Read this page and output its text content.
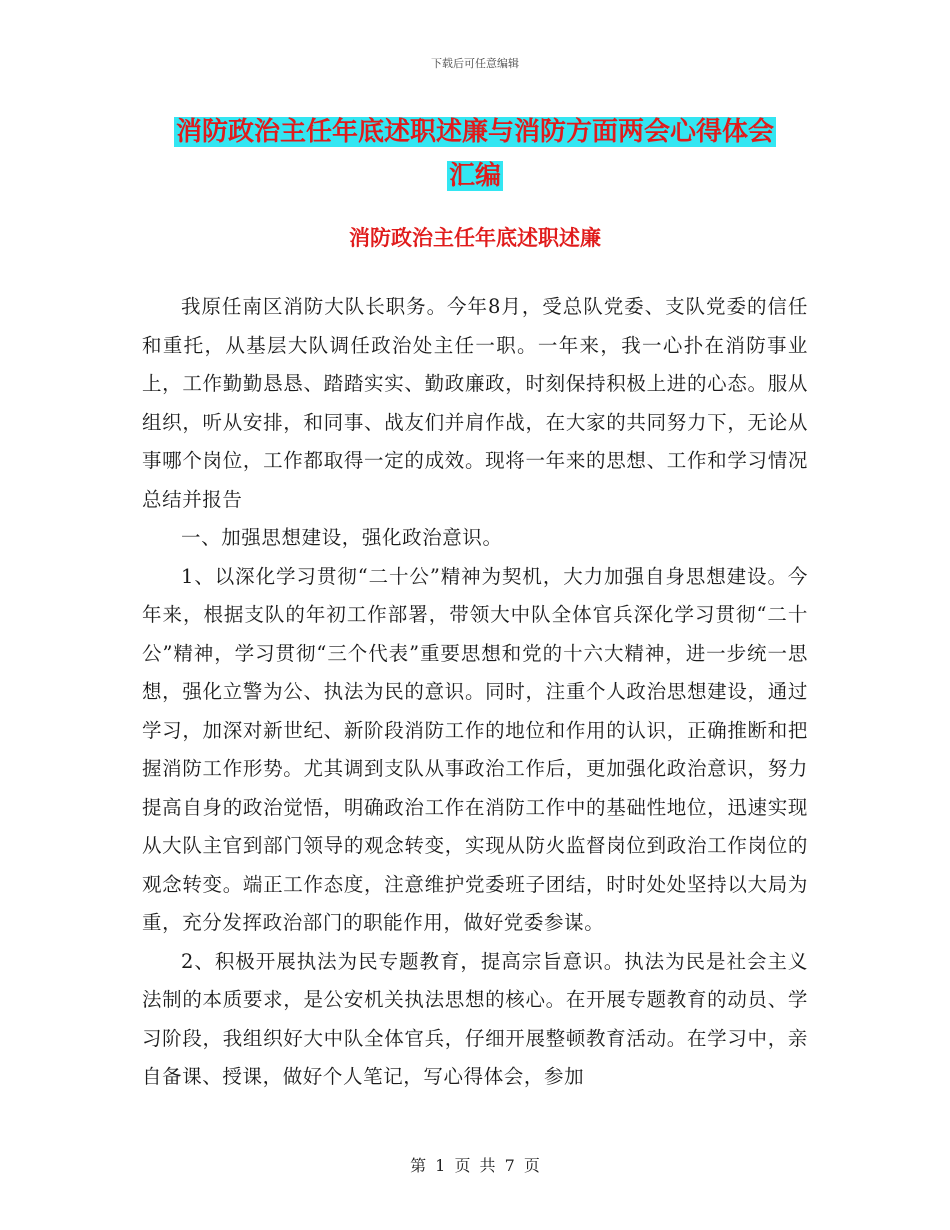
下载后可任意编辑
消防政治主任年底述职述廉与消防方面两会心得体会
汇编
消防政治主任年底述职述廉

我原任南区消防大队长职务。今年8月，受总队党委、支队党委的信任和重托，从基层大队调任政治处主任一职。一年来，我一心扑在消防事业上，工作勤勤恳恳、踏踏实实、勤政廉政，时刻保持积极上进的心态。服从组织，听从安排，和同事、战友们并肩作战，在大家的共同努力下，无论从事哪个岗位，工作都取得一定的成效。现将一年来的思想、工作和学习情况总结并报告

一、加强思想建设，强化政治意识。

1、以深化学习贯彻“二十公”精神为契机，大力加强自身思想建设。今年来，根据支队的年初工作部署，带领大中队全体官兵深化学习贯彻“二十公”精神，学习贯彻“三个代表”重要思想和党的十六大精神，进一步统一思想，强化立警为公、执法为民的意识。同时，注重个人政治思想建设，通过学习，加深对新世纪、新阶段消防工作的地位和作用的认识，正确推断和把握消防工作形势。尤其调到支队从事政治工作后，更加强化政治意识，努力提高自身的政治觉悟，明确政治工作在消防工作中的基础性地位，迅速实现从大队主官到部门领导的观念转变，实现从防火监督岗位到政治工作岗位的观念转变。端正工作态度，注意维护党委班子团结，时时处处坚持以大局为重，充分发挥政治部门的职能作用，做好党委参谋。

2、积极开展执法为民专题教育，提高宗旨意识。执法为民是社会主义法制的本质要求，是公安机关执法思想的核心。在开展专题教育的动员、学习阶段，我组织好大中队全体官兵，仔细开展整顿教育活动。在学习中，亲自备课、授课，做好个人笔记，写心得体会，参加

第 1 页 共 7 页
